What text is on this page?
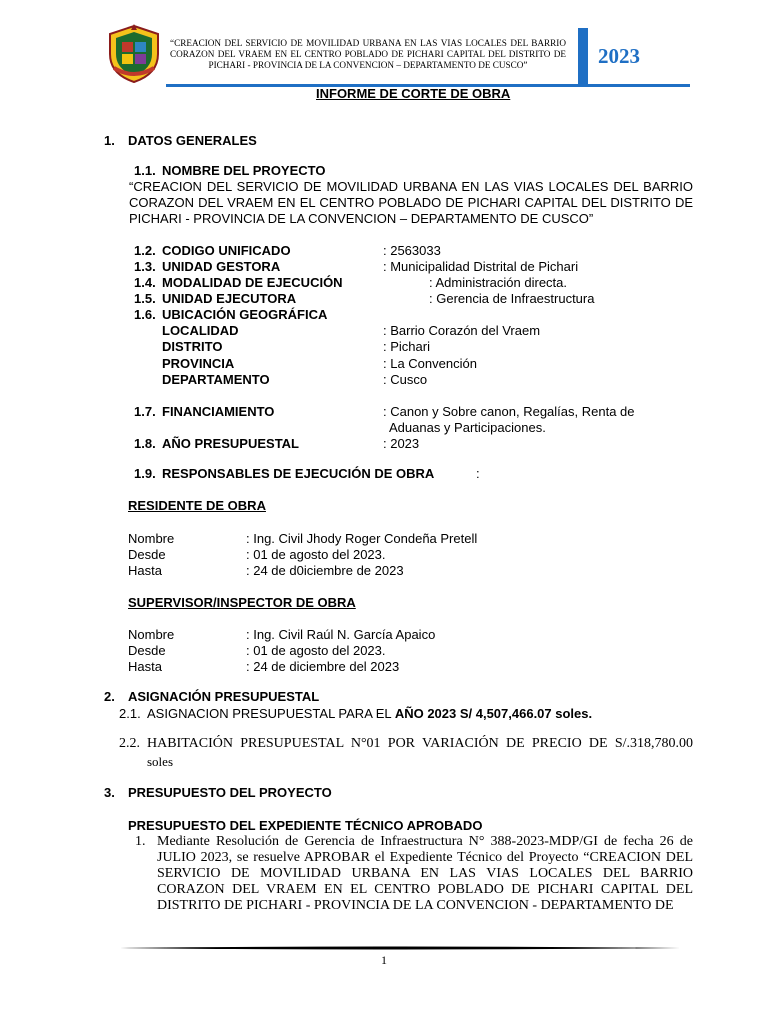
“CREACION DEL SERVICIO DE MOVILIDAD URBANA EN LAS VIAS LOCALES DEL BARRIO CORAZON DEL VRAEM EN EL CENTRO POBLADO DE PICHARI CAPITAL DEL DISTRITO DE PICHARI - PROVINCIA DE LA CONVENCION – DEPARTAMENTO DE CUSCO”	2023
INFORME DE CORTE DE OBRA
1. DATOS GENERALES
1.1. NOMBRE DEL PROYECTO
“CREACION DEL SERVICIO DE MOVILIDAD URBANA EN LAS VIAS LOCALES DEL BARRIO CORAZON DEL VRAEM EN EL CENTRO POBLADO DE PICHARI CAPITAL DEL DISTRITO DE PICHARI - PROVINCIA DE LA CONVENCION – DEPARTAMENTO DE CUSCO”
1.2. CODIGO UNIFICADO	: 2563033
1.3. UNIDAD GESTORA	: Municipalidad Distrital de Pichari
1.4. MODALIDAD DE EJECUCIÓN	: Administración directa.
1.5. UNIDAD EJECUTORA	: Gerencia de Infraestructura
1.6. UBICACIÓN GEOGRÁFICA
LOCALIDAD	: Barrio Corazón del Vraem
DISTRITO	: Pichari
PROVINCIA	: La Convención
DEPARTAMENTO	: Cusco
1.7. FINANCIAMIENTO	: Canon y Sobre canon, Regalías, Renta de
Aduanas y Participaciones.
1.8. AÑO PRESUPUESTAL	: 2023
1.9. RESPONSABLES DE EJECUCIÓN DE OBRA	:
RESIDENTE DE OBRA
Nombre	: Ing. Civil Jhody Roger Condeña Pretell
Desde	: 01 de agosto del 2023.
Hasta	: 24 de d0iciembre de 2023
SUPERVISOR/INSPECTOR DE OBRA
Nombre	: Ing. Civil Raúl N. García Apaico
Desde	: 01 de agosto del 2023.
Hasta	: 24 de diciembre del 2023
2. ASIGNACIÓN PRESUPUESTAL
2.1. ASIGNACION PRESUPUESTAL PARA EL AÑO 2023 S/ 4,507,466.07 soles.
2.2. HABITACIÓN PRESUPUESTAL N°01 POR VARIACIÓN DE PRECIO DE S/.318,780.00
soles
3. PRESUPUESTO DEL PROYECTO
PRESUPUESTO DEL EXPEDIENTE TÉCNICO APROBADO
1. Mediante Resolución de Gerencia de Infraestructura N° 388-2023-MDP/GI de fecha 26 de JULIO 2023, se resuelve APROBAR el Expediente Técnico del Proyecto “CREACION DEL SERVICIO DE MOVILIDAD URBANA EN LAS VIAS LOCALES DEL BARRIO CORAZON DEL VRAEM EN EL CENTRO POBLADO DE PICHARI CAPITAL DEL DISTRITO DE PICHARI - PROVINCIA DE LA CONVENCION - DEPARTAMENTO DE
1
